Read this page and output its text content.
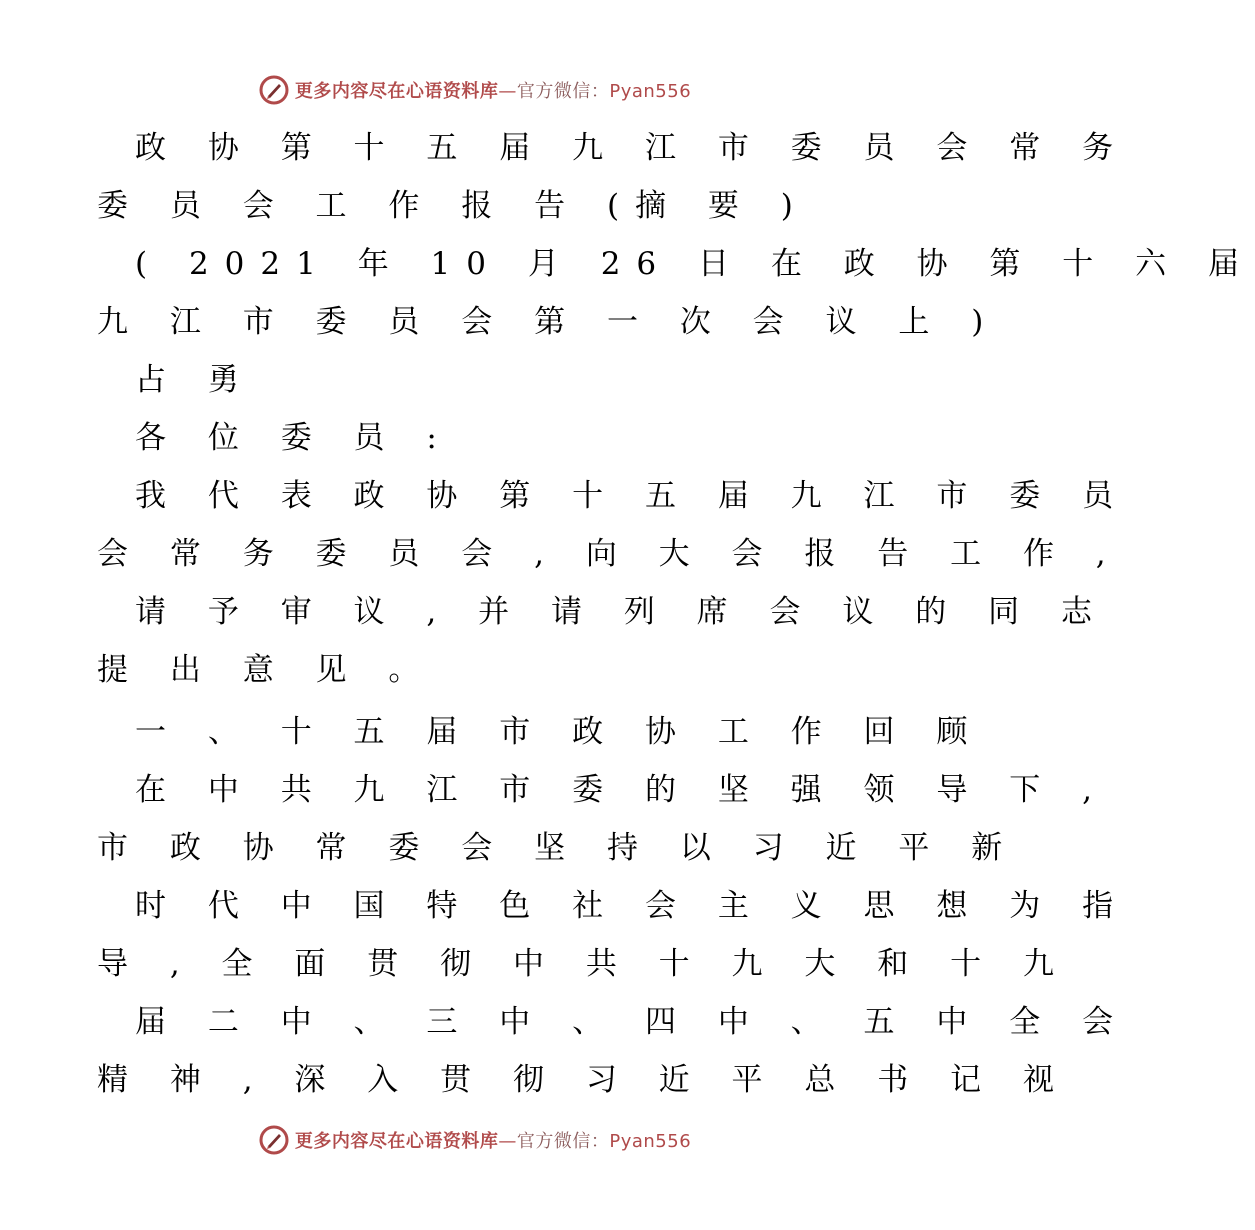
更多内容尽在心语资料库—官方微信：Pyan556
政 协 第 十 五 届 九 江 市 委 员 会 常 务
委 员 会 工 作 报 告 (摘 要 )
( 2021 年 10 月 26 日 在 政 协 第 十 六 届
九 江 市 委 员 会 第 一 次 会 议 上 )
占 勇
各 位 委 员 :
我 代 表 政 协 第 十 五 届 九 江 市 委 员
会 常 务 委 员 会 , 向 大 会 报 告 工 作 ,
请 予 审 议 , 并 请 列 席 会 议 的 同 志
提 出 意 见 。
一 、 十 五 届 市 政 协 工 作 回 顾
在 中 共 九 江 市 委 的 坚 强 领 导 下 ,
市 政 协 常 委 会 坚 持 以 习 近 平 新
时 代 中 国 特 色 社 会 主 义 思 想 为 指
导 , 全 面 贯 彻 中 共 十 九 大 和 十 九
届 二 中 、 三 中 、 四 中 、 五 中 全 会
精 神 , 深 入 贯 彻 习 近 平 总 书 记 视
更多内容尽在心语资料库—官方微信：Pyan556
